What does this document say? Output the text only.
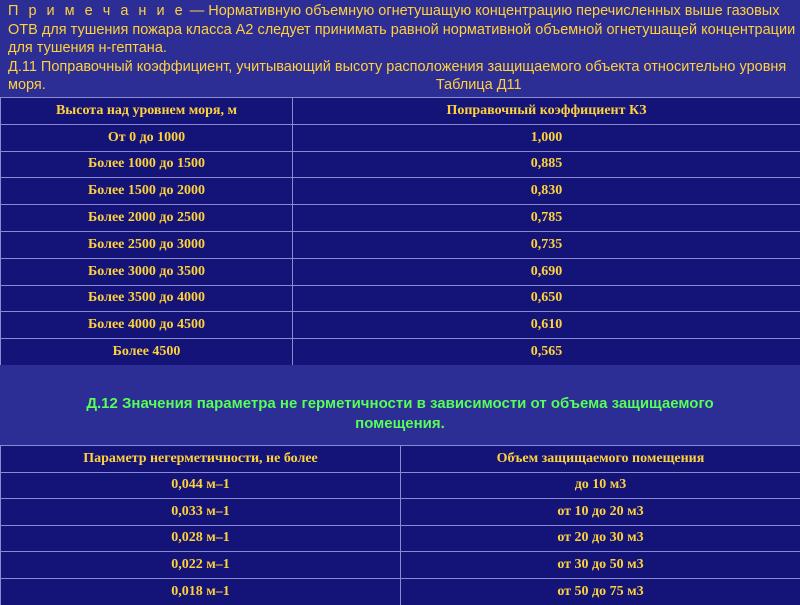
П р и м е ч а н и е — Нормативную объемную огнетушащую концентрацию перечисленных выше газовых ОТВ для тушения пожара класса А2 следует принимать равной нормативной объемной огнетушащей концентрации для тушения н-гептана.

Д.11 Поправочный коэффициент, учитывающий высоту расположения защищаемого объекта относительно уровня моря.	Таблица Д11

Высота над уровнем моря, м	Поправочный коэффициент КЗ
От 0 до 1000	1,000
Более 1000 до 1500	0,885
Более 1500 до 2000	0,830
Более 2000 до 2500	0,785
Более 2500 до 3000	0,735
Более 3000 до 3500	0,690
Более 3500 до 4000	0,650
Более 4000 до 4500	0,610
Более 4500	0,565
Д.12 Значения параметра не герметичности в зависимости от объема защищаемого
помещения.
Параметр негерметичности, не более	Объем защищаемого помещения
0,044 м–1	до 10 м3
0,033 м–1	от 10 до 20 м3
0,028 м–1	от 20 до 30 м3
0,022 м–1	от 30 до 50 м3
0,018 м–1	от 50 до 75 м3
